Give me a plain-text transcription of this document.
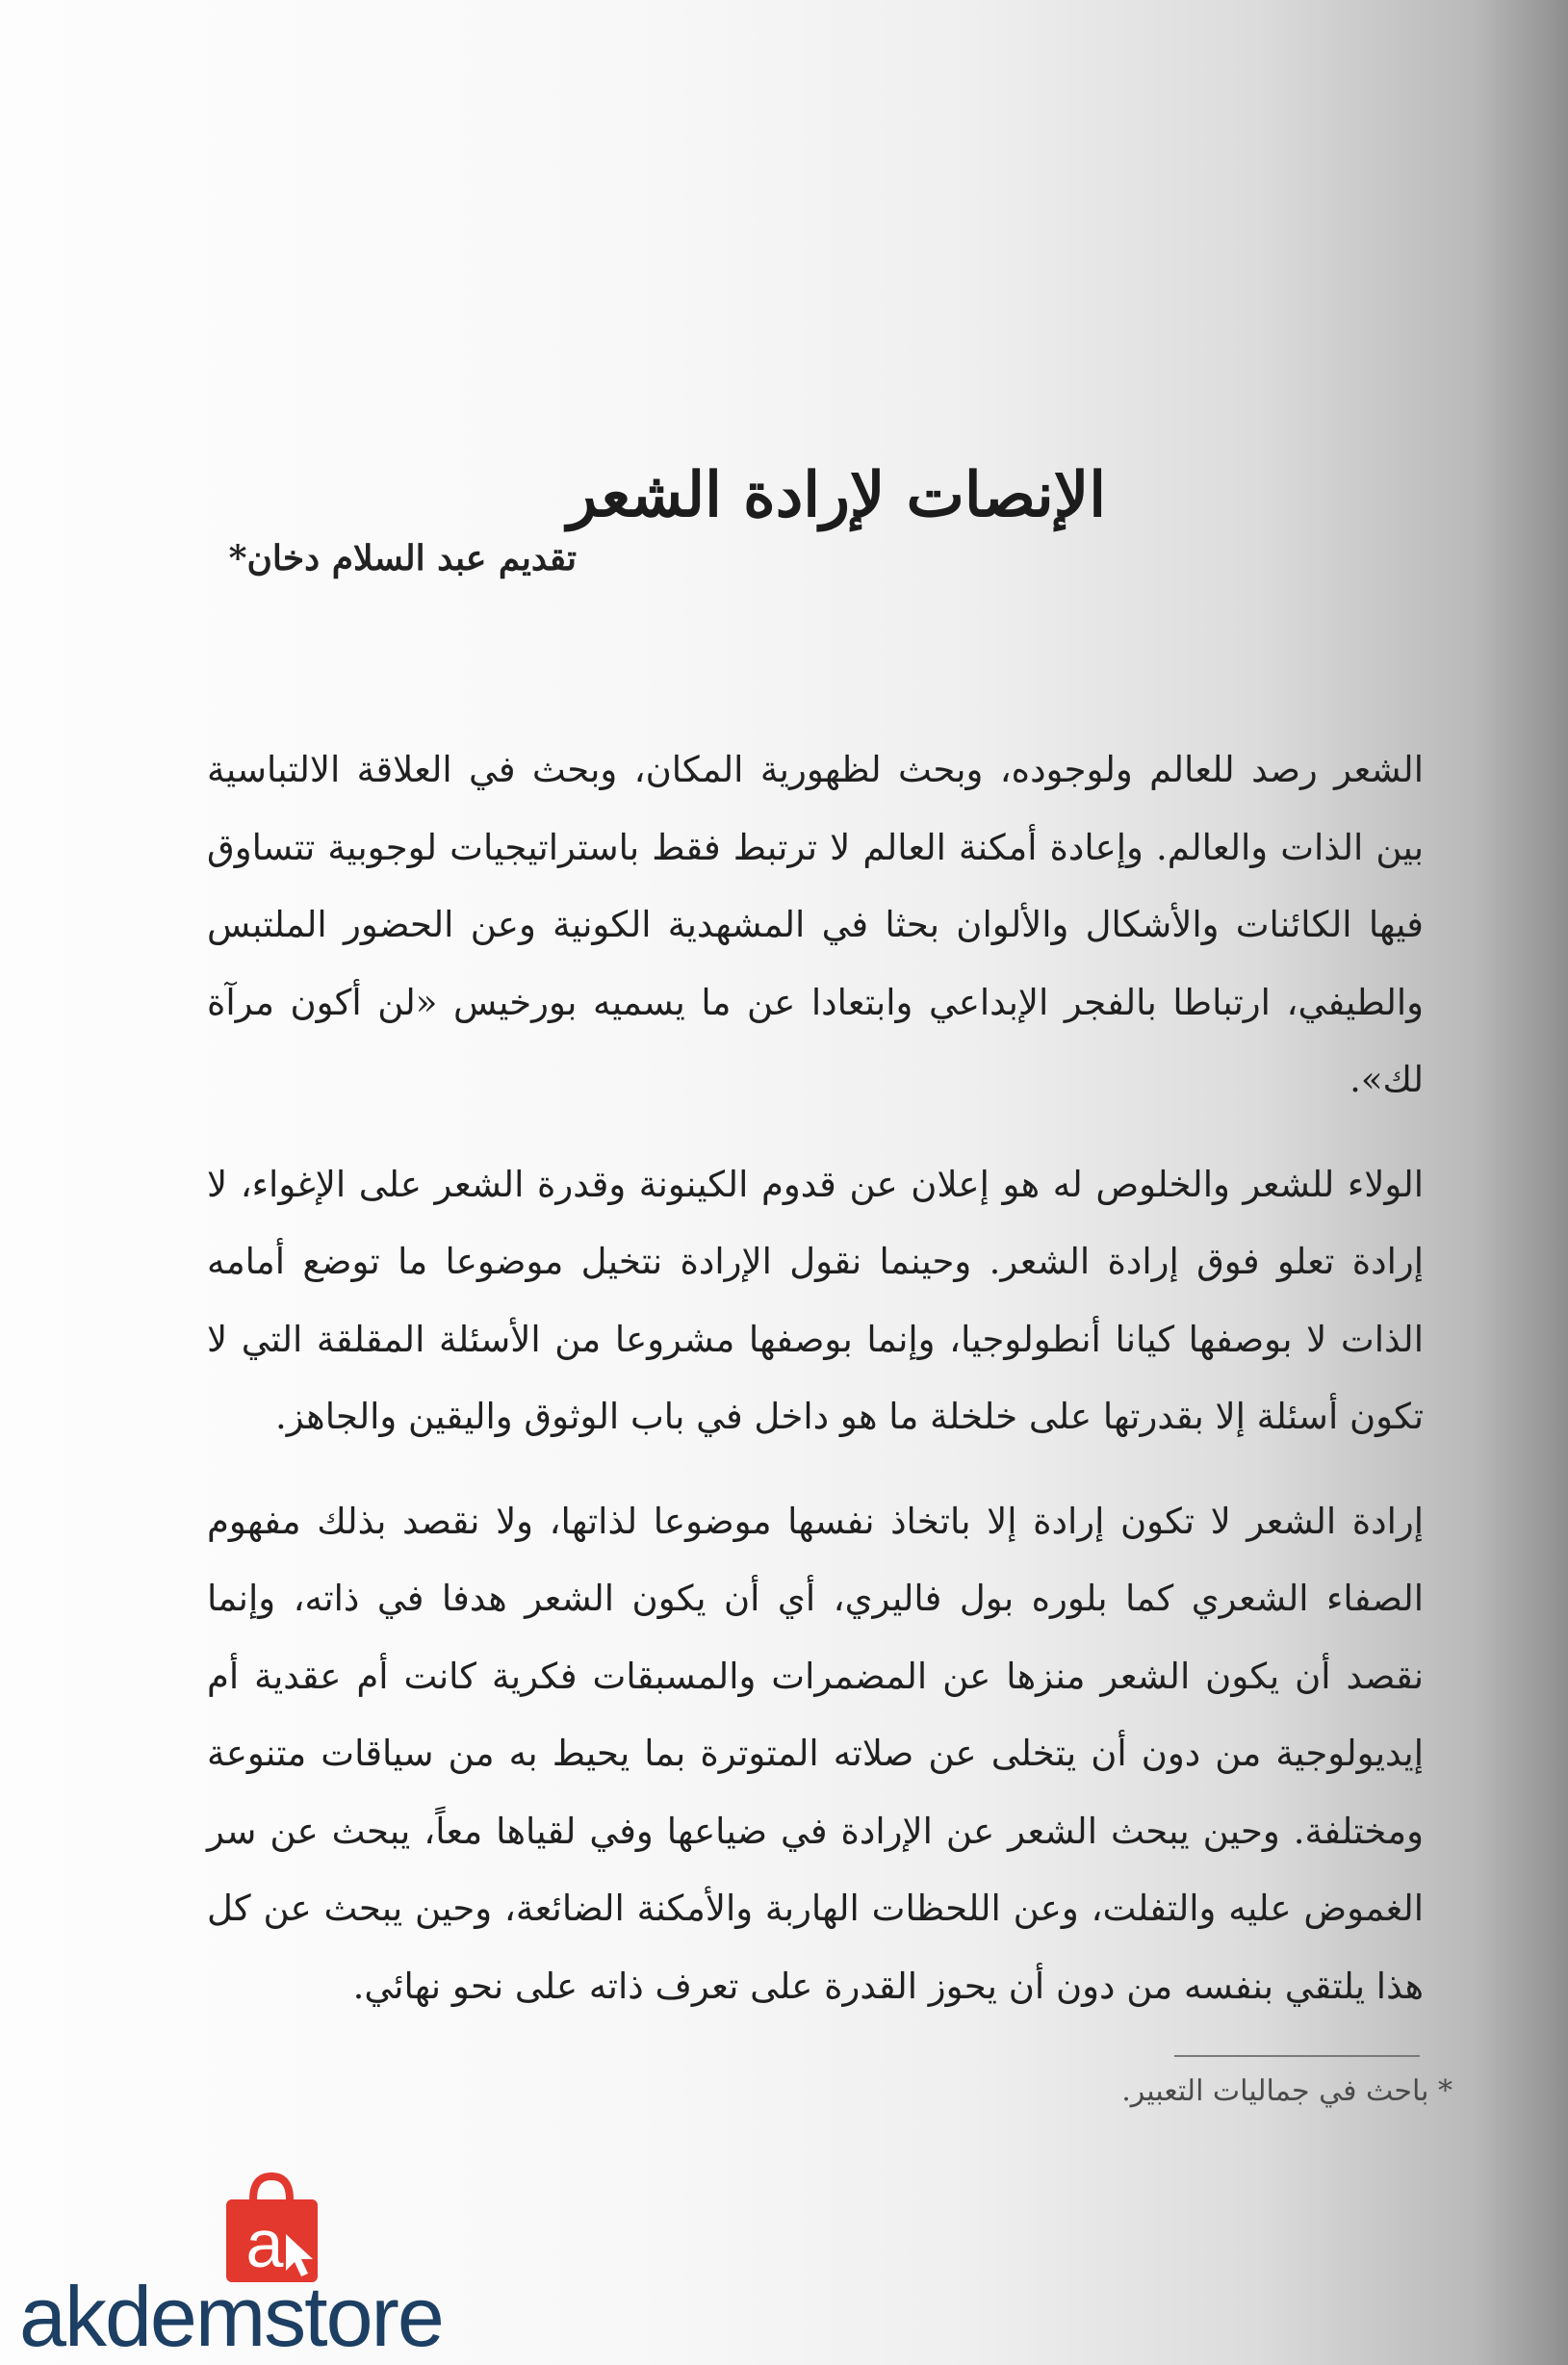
الإنصات لإرادة الشعر
تقديم عبد السلام دخان*

الشعر رصد للعالم ولوجوده، وبحث لظهورية المكان، وبحث في العلاقة الالتباسية بين الذات والعالم. وإعادة أمكنة العالم لا ترتبط فقط باستراتيجيات لوجوبية تتساوق فيها الكائنات والأشكال والألوان بحثا في المشهدية الكونية وعن الحضور الملتبس والطيفي، ارتباطا بالفجر الإبداعي وابتعادا عن ما يسميه بورخيس «لن أكون مرآة لك».

الولاء للشعر والخلوص له هو إعلان عن قدوم الكينونة وقدرة الشعر على الإغواء، لا إرادة تعلو فوق إرادة الشعر. وحينما نقول الإرادة نتخيل موضوعا ما توضع أمامه الذات لا بوصفها كيانا أنطولوجيا، وإنما بوصفها مشروعا من الأسئلة المقلقة التي لا تكون أسئلة إلا بقدرتها على خلخلة ما هو داخل في باب الوثوق واليقين والجاهز.

إرادة الشعر لا تكون إرادة إلا باتخاذ نفسها موضوعا لذاتها، ولا نقصد بذلك مفهوم الصفاء الشعري كما بلوره بول فاليري، أي أن يكون الشعر هدفا في ذاته، وإنما نقصد أن يكون الشعر منزها عن المضمرات والمسبقات فكرية كانت أم عقدية أم إيديولوجية من دون أن يتخلى عن صلاته المتوترة بما يحيط به من سياقات متنوعة ومختلفة. وحين يبحث الشعر عن الإرادة في ضياعها وفي لقياها معاً، يبحث عن سر الغموض عليه والتفلت، وعن اللحظات الهاربة والأمكنة الضائعة، وحين يبحث عن كل هذا يلتقي بنفسه من دون أن يحوز القدرة على تعرف ذاته على نحو نهائي.

* باحث في جماليات التعبير.
a
akdemstore
